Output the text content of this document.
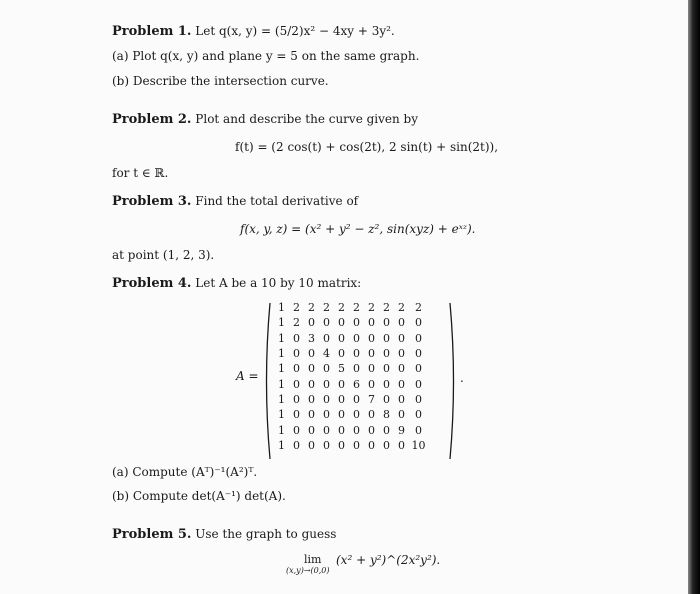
Problem 1. Let q(x, y) = (5/2)x² − 4xy + 3y².
(a) Plot q(x, y) and plane y = 5 on the same graph.
(b) Describe the intersection curve.
Problem 2. Plot and describe the curve given by
f(t) = (2 cos(t) + cos(2t), 2 sin(t) + sin(2t)),
for t ∈ ℝ.
Problem 3. Find the total derivative of
f(x, y, z) = (x² + y² − z², sin(xyz) + eˣᶻ).
at point (1, 2, 3).
Problem 4. Let A be a 10 by 10 matrix:
A =
1	2	2	2	2	2	2	2	2	2
1	2	0	0	0	0	0	0	0	0
1	0	3	0	0	0	0	0	0	0
1	0	0	4	0	0	0	0	0	0
1	0	0	0	5	0	0	0	0	0
1	0	0	0	0	6	0	0	0	0
1	0	0	0	0	0	7	0	0	0
1	0	0	0	0	0	0	8	0	0
1	0	0	0	0	0	0	0	9	0
1	0	0	0	0	0	0	0	0	10
.
(a) Compute (Aᵀ)⁻¹(A²)ᵀ.
(b) Compute det(A⁻¹) det(A).
Problem 5. Use the graph to guess
lim
(x,y)→(0,0)
(x² + y²)^(2x²y²).
